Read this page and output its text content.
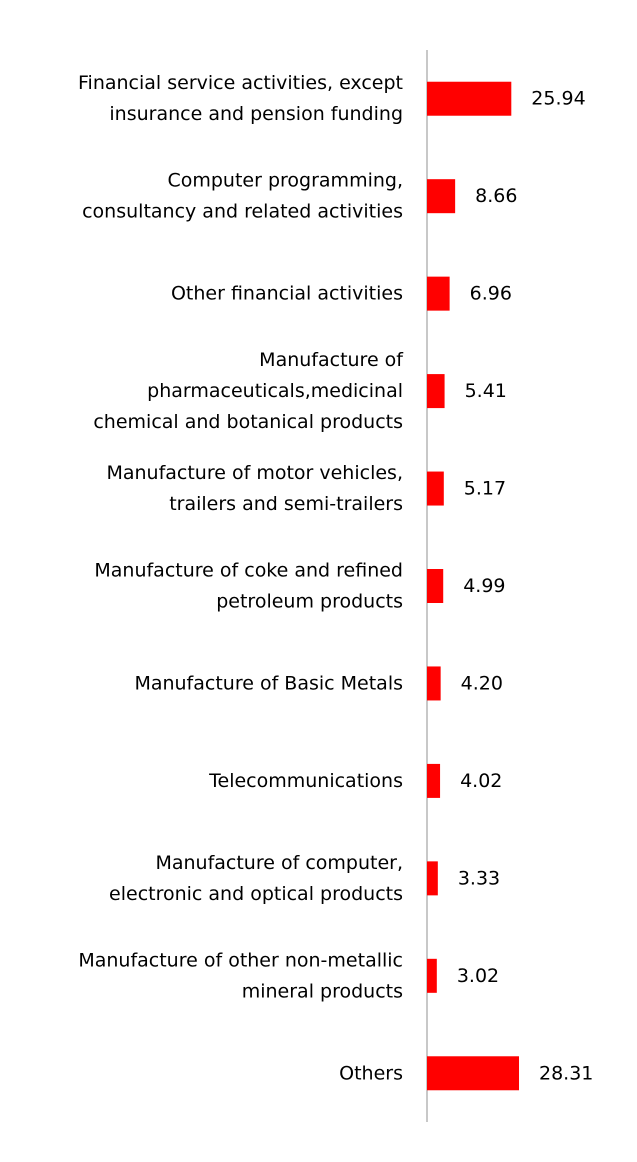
Financial service activities, except insurance and pension funding
Computer programming, consultancy and related activities
Other financial activities
Manufacture of pharmaceuticals,medicinal chemical and botanical products
Manufacture of motor vehicles, trailers and semi-trailers
Manufacture of coke and refined petroleum products
Manufacture of Basic Metals
Telecommunications
Manufacture of computer, electronic and optical products
Manufacture of other non-metallic mineral products
Others
25.94
8.66
6.96
5.41
5.17
4.99
4.20
4.02
3.33
3.02
28.31
